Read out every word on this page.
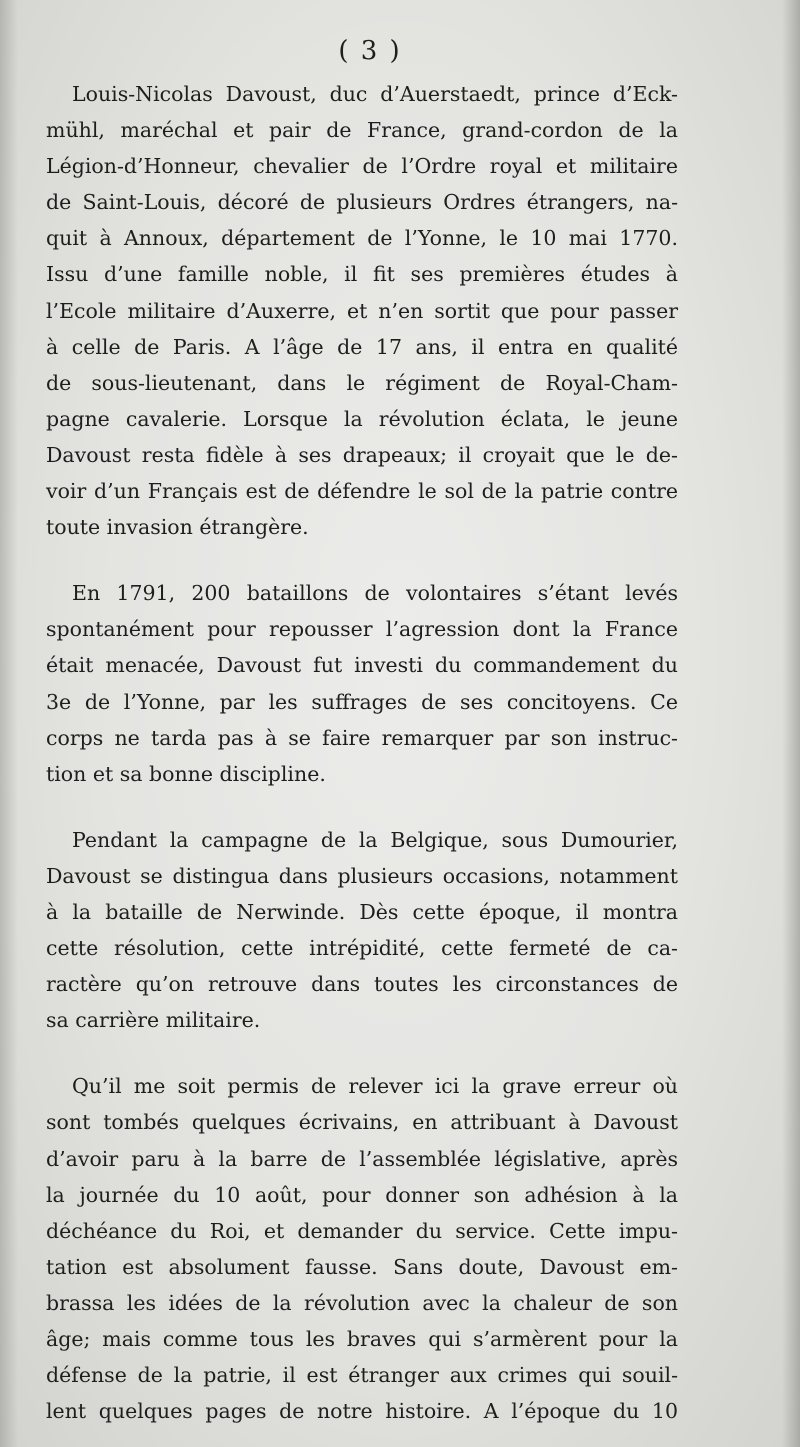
( 3 )
Louis-Nicolas Davoust, duc d’Auerstaedt, prince d’Eck-
mühl, maréchal et pair de France, grand-cordon de la
Légion-d’Honneur, chevalier de l’Ordre royal et militaire
de Saint-Louis, décoré de plusieurs Ordres étrangers, na-
quit à Annoux, département de l’Yonne, le 10 mai 1770.
Issu d’une famille noble, il fit ses premières études à
l’Ecole militaire d’Auxerre, et n’en sortit que pour passer
à celle de Paris. A l’âge de 17 ans, il entra en qualité
de sous-lieutenant, dans le régiment de Royal-Cham-
pagne cavalerie. Lorsque la révolution éclata, le jeune
Davoust resta fidèle à ses drapeaux; il croyait que le de-
voir d’un Français est de défendre le sol de la patrie contre
toute invasion étrangère.
En 1791, 200 bataillons de volontaires s’étant levés
spontanément pour repousser l’agression dont la France
était menacée, Davoust fut investi du commandement du
3e de l’Yonne, par les suffrages de ses concitoyens. Ce
corps ne tarda pas à se faire remarquer par son instruc-
tion et sa bonne discipline.
Pendant la campagne de la Belgique, sous Dumourier,
Davoust se distingua dans plusieurs occasions, notamment
à la bataille de Nerwinde. Dès cette époque, il montra
cette résolution, cette intrépidité, cette fermeté de ca-
ractère qu’on retrouve dans toutes les circonstances de
sa carrière militaire.
Qu’il me soit permis de relever ici la grave erreur où
sont tombés quelques écrivains, en attribuant à Davoust
d’avoir paru à la barre de l’assemblée législative, après
la journée du 10 août, pour donner son adhésion à la
déchéance du Roi, et demander du service. Cette impu-
tation est absolument fausse. Sans doute, Davoust em-
brassa les idées de la révolution avec la chaleur de son
âge; mais comme tous les braves qui s’armèrent pour la
défense de la patrie, il est étranger aux crimes qui souil-
lent quelques pages de notre histoire. A l’époque du 10
